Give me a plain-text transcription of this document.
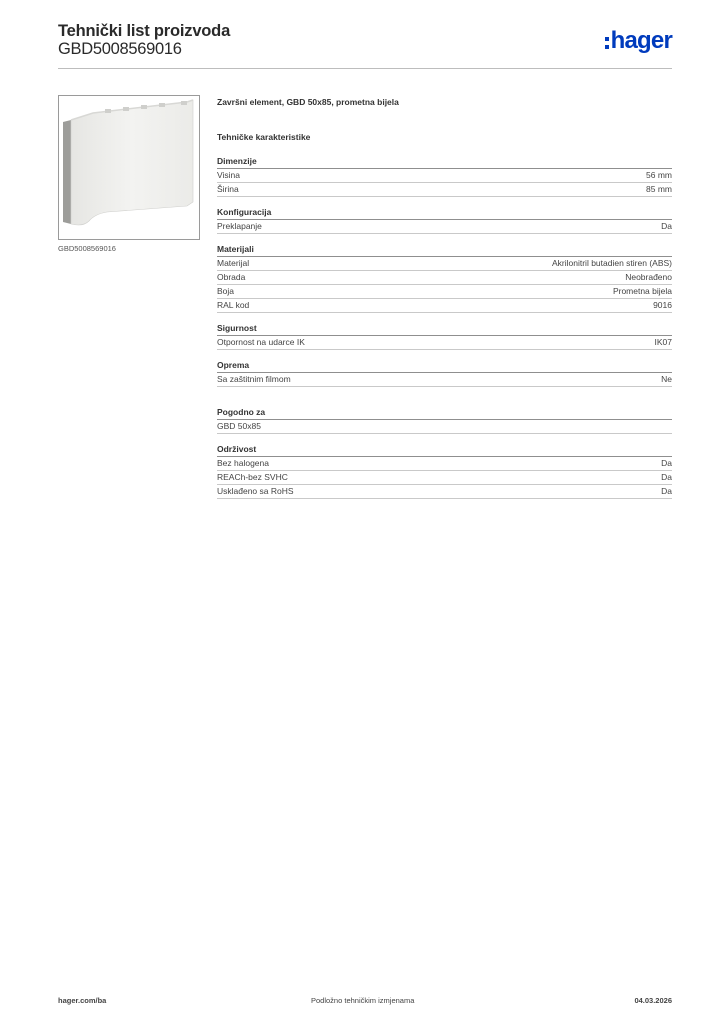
Tehnički list proizvoda
GBD5008569016	hager
GBD5008569016
Završni element, GBD 50x85, prometna bijela
Tehničke karakteristike
Dimenzije
Visina	56 mm
Širina	85 mm
Konfiguracija
Preklapanje	Da
Materijali
Materijal	Akrilonitril butadien stiren (ABS)
Obrada	Neobrađeno
Boja	Prometna bijela
RAL kod	9016
Sigurnost
Otpornost na udarce IK	IK07
Oprema
Sa zaštitnim filmom	Ne
Pogodno za
GBD 50x85
Održivost
Bez halogena	Da
REACh-bez SVHC	Da
Usklađeno sa RoHS	Da
hager.com/ba	Podložno tehničkim izmjenama	04.03.2026
